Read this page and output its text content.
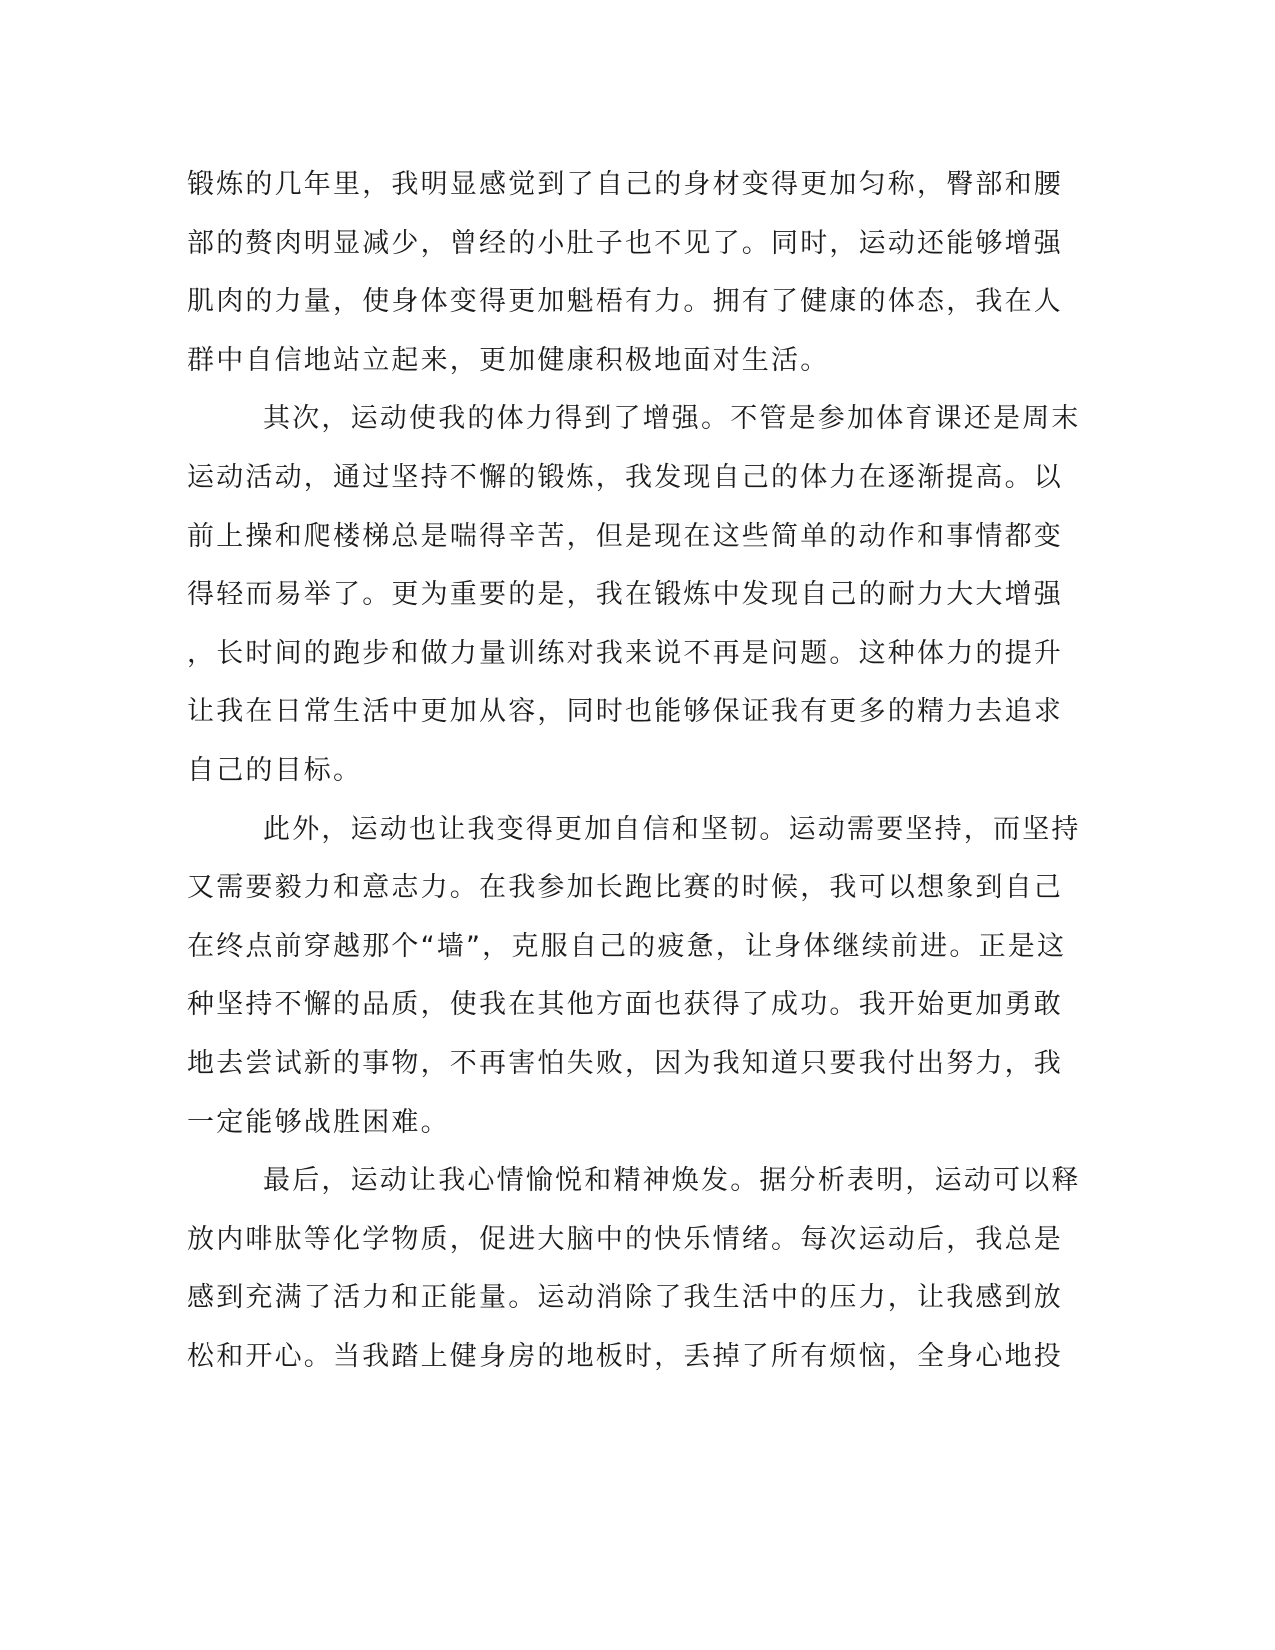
锻炼的几年里，我明显感觉到了自己的身材变得更加匀称，臀部和腰
部的赘肉明显减少，曾经的小肚子也不见了。同时，运动还能够增强
肌肉的力量，使身体变得更加魁梧有力。拥有了健康的体态，我在人
群中自信地站立起来，更加健康积极地面对生活。
其次，运动使我的体力得到了增强。不管是参加体育课还是周末
运动活动，通过坚持不懈的锻炼，我发现自己的体力在逐渐提高。以
前上操和爬楼梯总是喘得辛苦，但是现在这些简单的动作和事情都变
得轻而易举了。更为重要的是，我在锻炼中发现自己的耐力大大增强
，长时间的跑步和做力量训练对我来说不再是问题。这种体力的提升
让我在日常生活中更加从容，同时也能够保证我有更多的精力去追求
自己的目标。
此外，运动也让我变得更加自信和坚韧。运动需要坚持，而坚持
又需要毅力和意志力。在我参加长跑比赛的时候，我可以想象到自己
在终点前穿越那个“墙”，克服自己的疲惫，让身体继续前进。正是这
种坚持不懈的品质，使我在其他方面也获得了成功。我开始更加勇敢
地去尝试新的事物，不再害怕失败，因为我知道只要我付出努力，我
一定能够战胜困难。
最后，运动让我心情愉悦和精神焕发。据分析表明，运动可以释
放内啡肽等化学物质，促进大脑中的快乐情绪。每次运动后，我总是
感到充满了活力和正能量。运动消除了我生活中的压力，让我感到放
松和开心。当我踏上健身房的地板时，丢掉了所有烦恼，全身心地投
